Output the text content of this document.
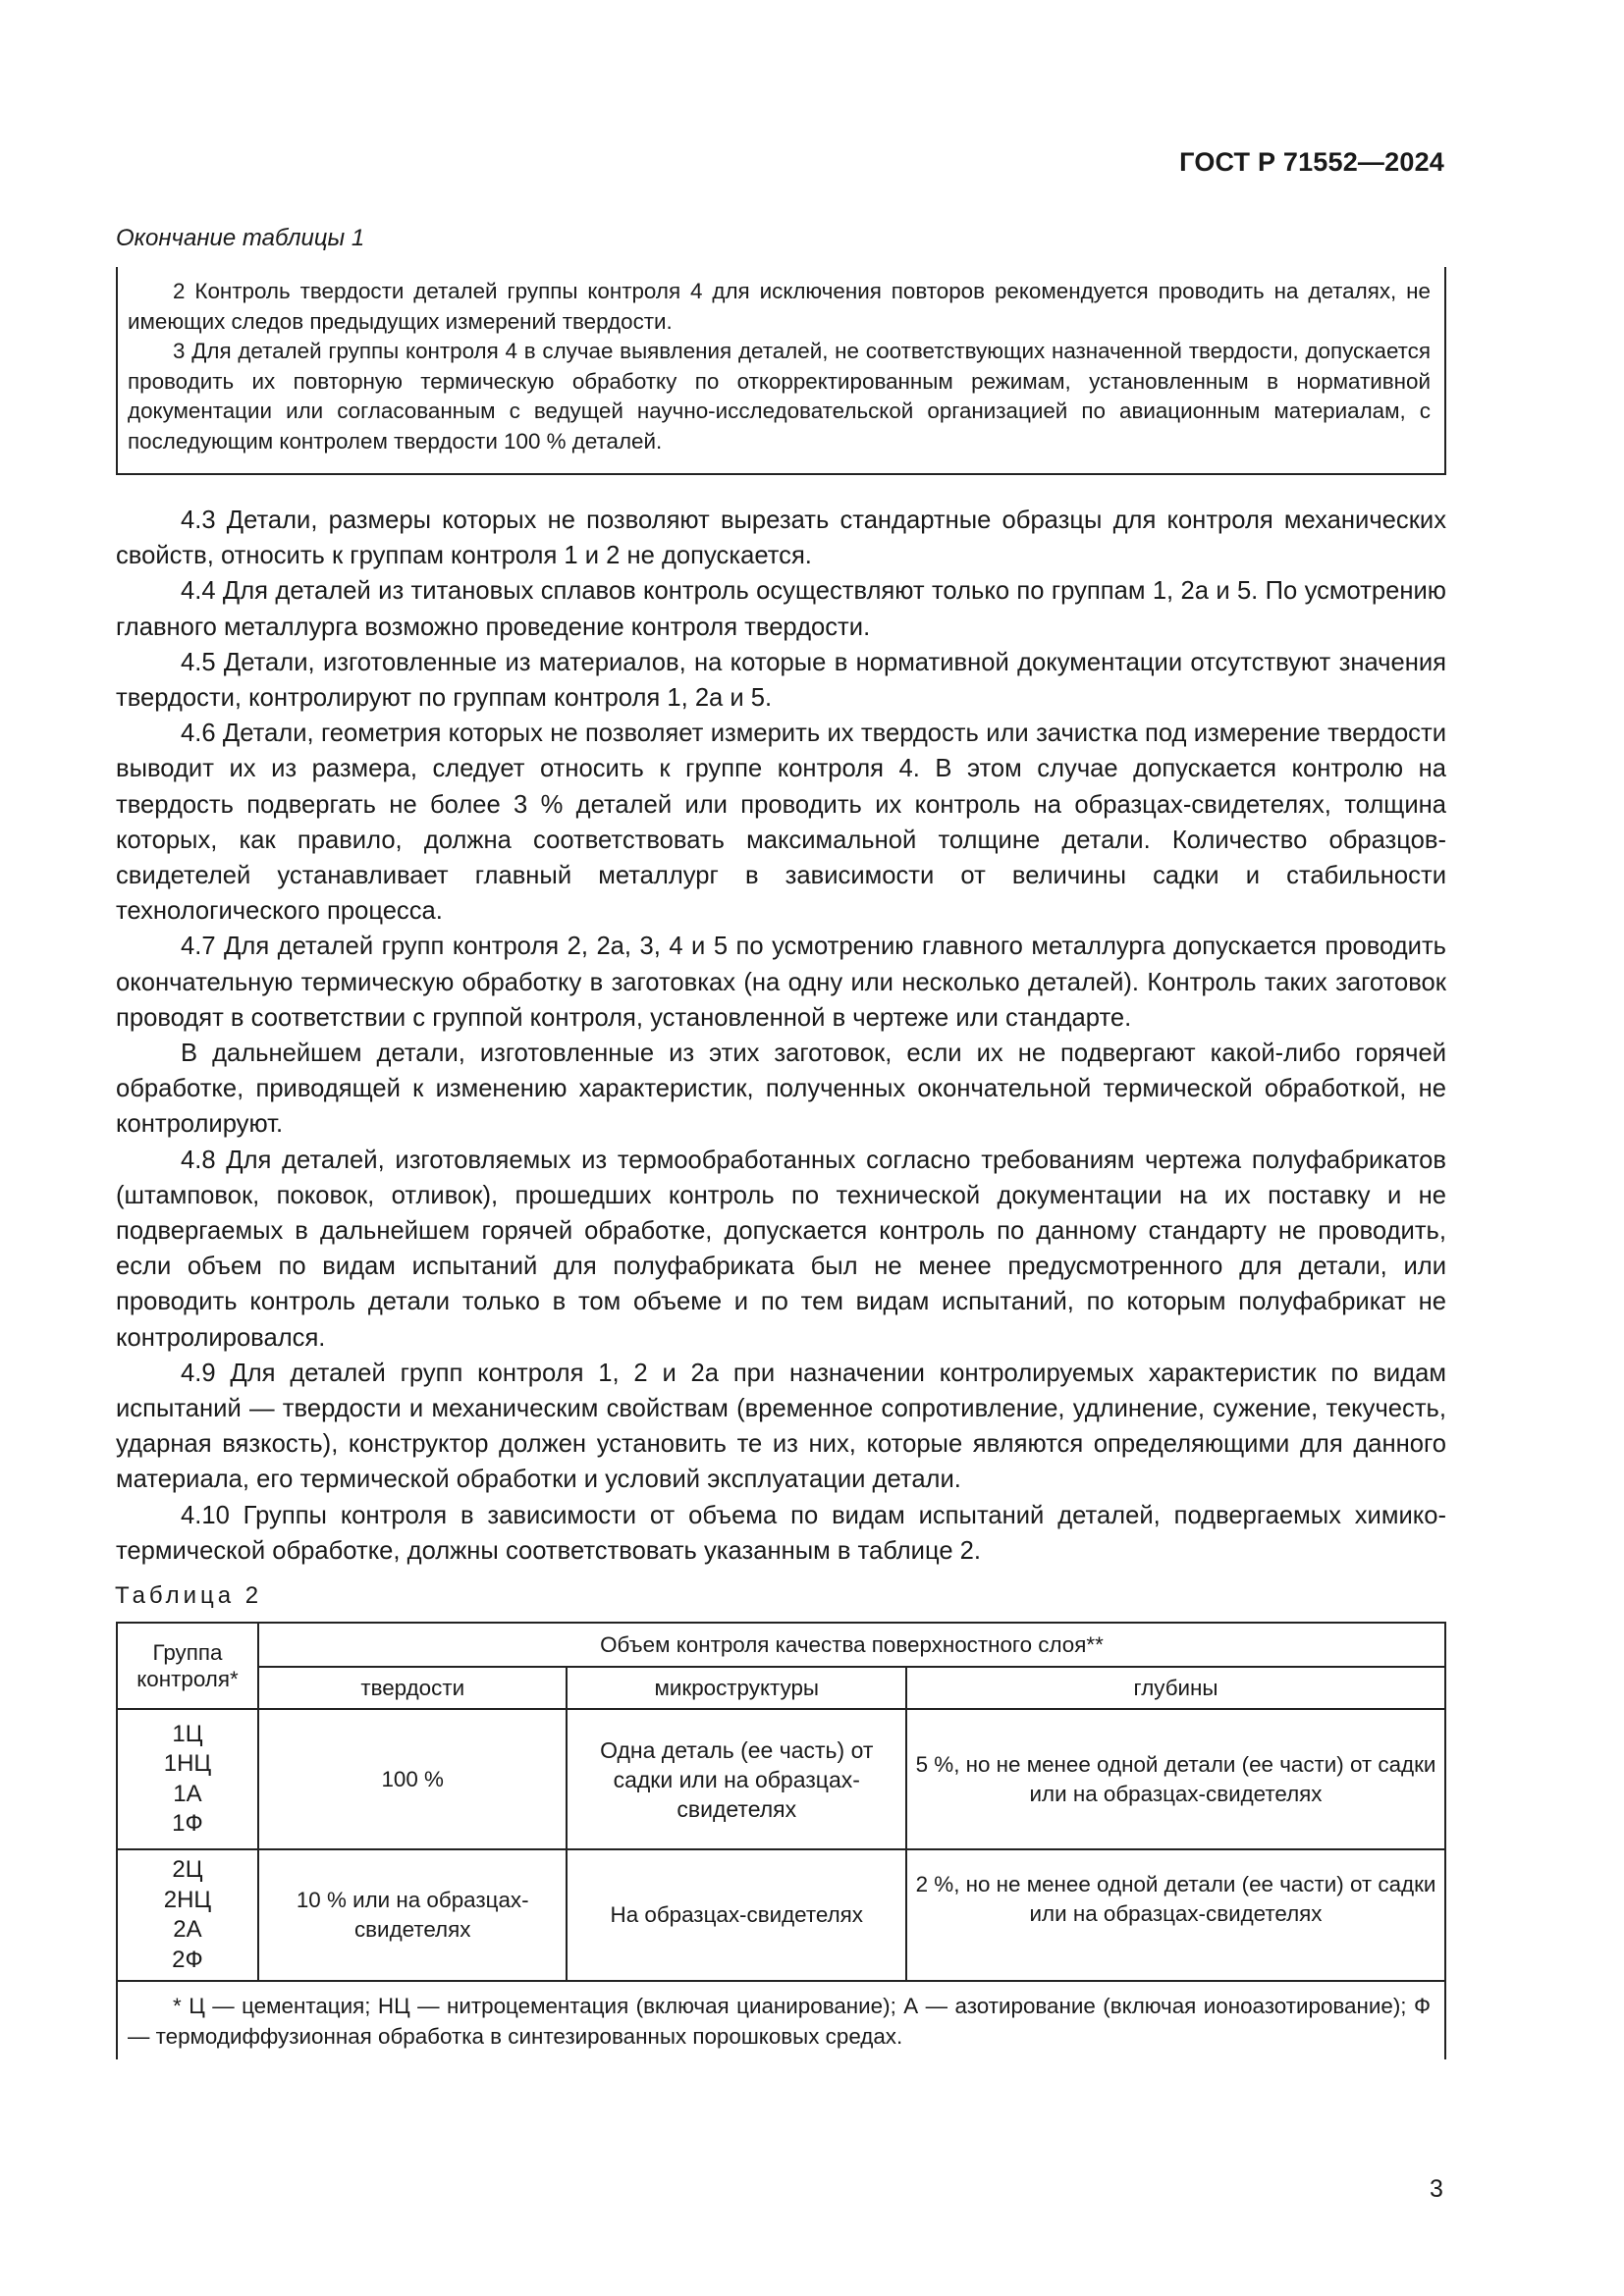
ГОСТ Р 71552—2024
Окончание таблицы 1

2 Контроль твердости деталей группы контроля 4 для исключения повторов рекомендуется проводить на деталях, не имеющих следов предыдущих измерений твердости.

3 Для деталей группы контроля 4 в случае выявления деталей, не соответствующих назначенной твердости, допускается проводить их повторную термическую обработку по откорректированным режимам, установленным в нормативной документации или согласованным с ведущей научно-исследовательской организацией по авиационным материалам, с последующим контролем твердости 100 % деталей.

4.3 Детали, размеры которых не позволяют вырезать стандартные образцы для контроля механических свойств, относить к группам контроля 1 и 2 не допускается.

4.4 Для деталей из титановых сплавов контроль осуществляют только по группам 1, 2а и 5. По усмотрению главного металлурга возможно проведение контроля твердости.

4.5 Детали, изготовленные из материалов, на которые в нормативной документации отсутствуют значения твердости, контролируют по группам контроля 1, 2а и 5.

4.6 Детали, геометрия которых не позволяет измерить их твердость или зачистка под измерение твердости выводит их из размера, следует относить к группе контроля 4. В этом случае допускается контролю на твердость подвергать не более 3 % деталей или проводить их контроль на образцах-свидетелях, толщина которых, как правило, должна соответствовать максимальной толщине детали. Количество образцов-свидетелей устанавливает главный металлург в зависимости от величины садки и стабильности технологического процесса.

4.7 Для деталей групп контроля 2, 2а, 3, 4 и 5 по усмотрению главного металлурга допускается проводить окончательную термическую обработку в заготовках (на одну или несколько деталей). Контроль таких заготовок проводят в соответствии с группой контроля, установленной в чертеже или стандарте.

В дальнейшем детали, изготовленные из этих заготовок, если их не подвергают какой-либо горячей обработке, приводящей к изменению характеристик, полученных окончательной термической обработкой, не контролируют.

4.8 Для деталей, изготовляемых из термообработанных согласно требованиям чертежа полуфабрикатов (штамповок, поковок, отливок), прошедших контроль по технической документации на их поставку и не подвергаемых в дальнейшем горячей обработке, допускается контроль по данному стандарту не проводить, если объем по видам испытаний для полуфабриката был не менее предусмотренного для детали, или проводить контроль детали только в том объеме и по тем видам испытаний, по которым полуфабрикат не контролировался.

4.9 Для деталей групп контроля 1, 2 и 2а при назначении контролируемых характеристик по видам испытаний — твердости и механическим свойствам (временное сопротивление, удлинение, сужение, текучесть, ударная вязкость), конструктор должен установить те из них, которые являются определяющими для данного материала, его термической обработки и условий эксплуатации детали.

4.10 Группы контроля в зависимости от объема по видам испытаний деталей, подвергаемых химико-термической обработке, должны соответствовать указанным в таблице 2.

Таблица 2
Группа контроля*	Объем контроля качества поверхностного слоя**		
	твердости	микроструктуры	глубины

1Ц
1НЦ
1А
1Ф	100 %	Одна деталь (ее часть) от садки или на образцах-свидетелях	5 %, но не менее одной детали (ее части) от садки или на образцах-свидетелях

2Ц
2НЦ
2А
2Ф	10 % или на образцах-свидетелях	На образцах-свидетелях	2 %, но не менее одной детали (ее части) от садки или на образцах-свидетелях

* Ц — цементация; НЦ — нитроцементация (включая цианирование); А — азотирование (включая ионоазотирование); Ф — термодиффузионная обработка в синтезированных порошковых средах.			
3
